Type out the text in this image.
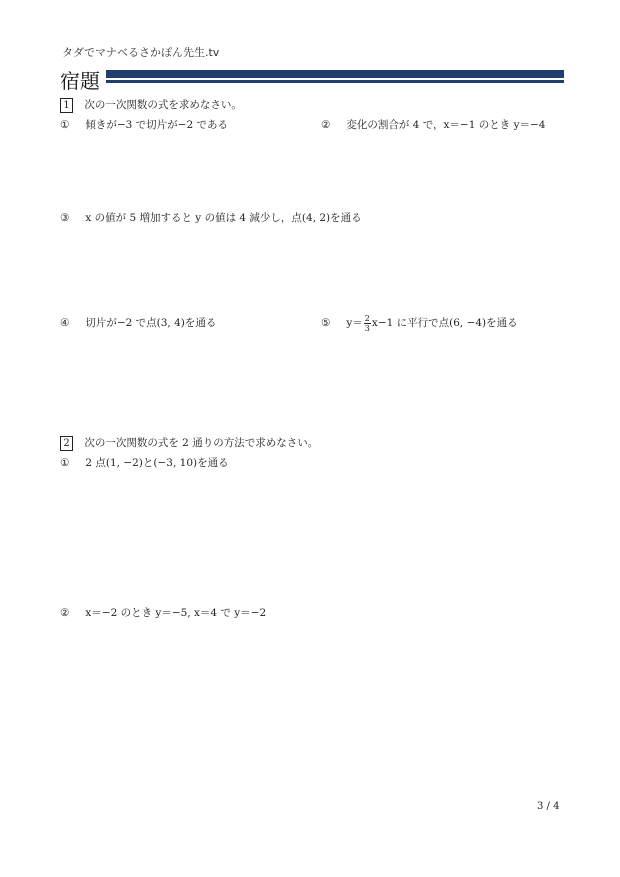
タダでマナベるさかぽん先生.tv
宿題
1 次の一次関数の式を求めなさい。
① 傾きが−3 で切片が−2 である	② 変化の割合が 4 で，x＝−1 のとき y＝−4
③ x の値が 5 増加すると y の値は 4 減少し，点(4, 2)を通る
④ 切片が−2 で点(3, 4)を通る	⑤ $y= \frac{2}{3} x-1$ に平行で点(6, −4)を通る
2 次の一次関数の式を 2 通りの方法で求めなさい。
① 2 点(1, −2)と(−3, 10)を通る
② x＝−2 のとき y＝−5, x＝4 で y＝−2
3 / 4
